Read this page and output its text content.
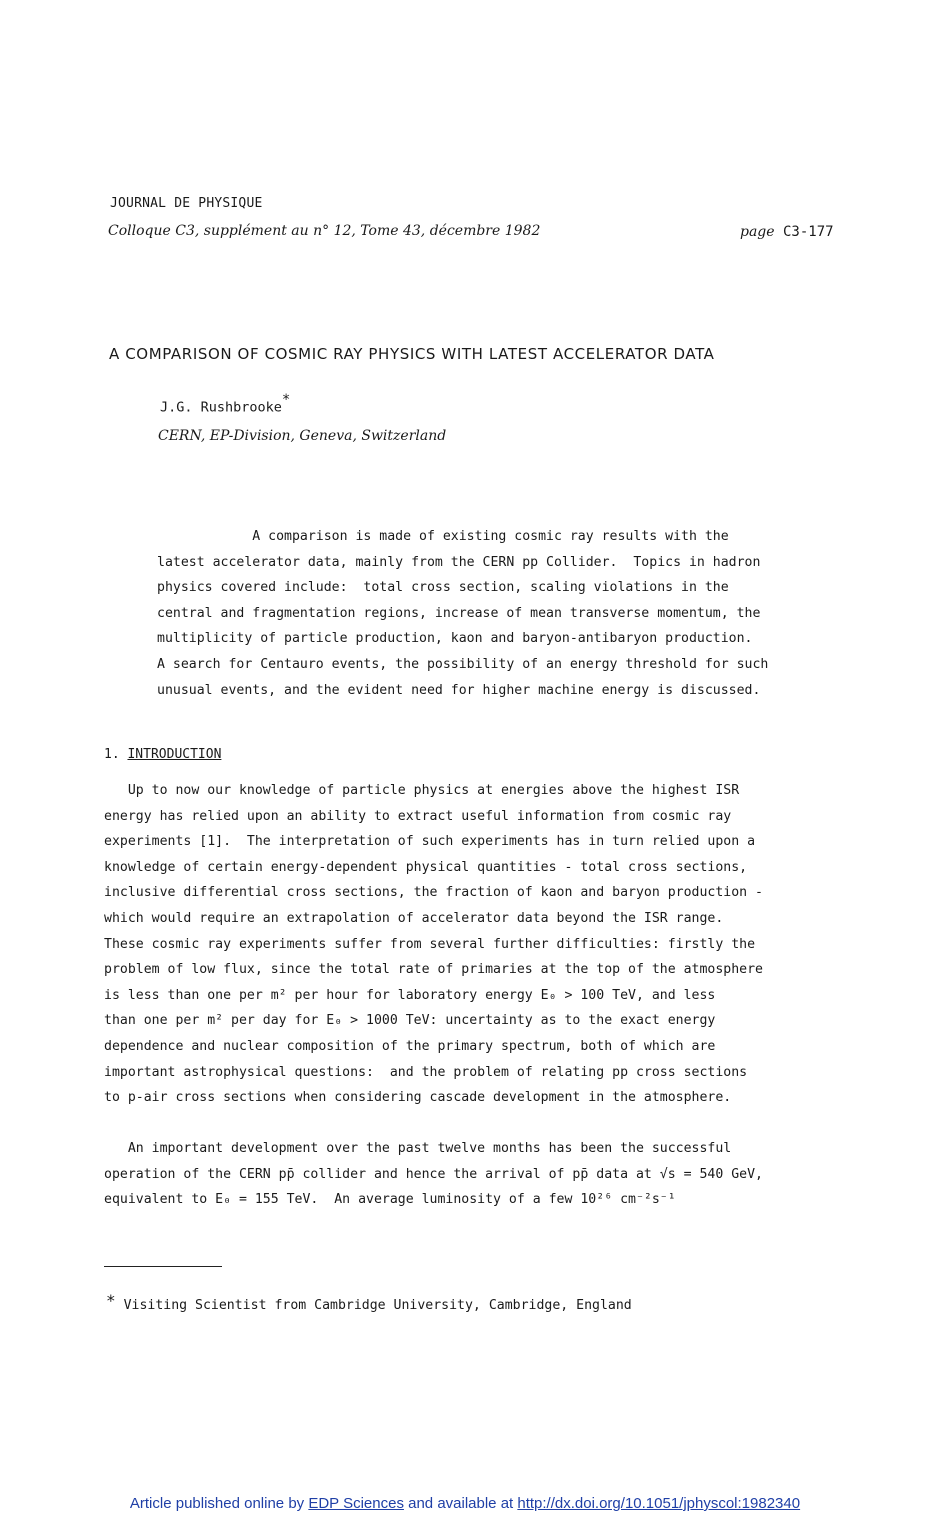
JOURNAL DE PHYSIQUE
Colloque C3, supplément au n° 12, Tome 43, décembre 1982	page C3-177
A COMPARISON OF COSMIC RAY PHYSICS WITH LATEST ACCELERATOR DATA
J.G. Rushbrooke*
CERN, EP-Division, Geneva, Switzerland
A comparison is made of existing cosmic ray results with the
latest accelerator data, mainly from the CERN pp Collider.  Topics in hadron
physics covered include:  total cross section, scaling violations in the
central and fragmentation regions, increase of mean transverse momentum, the
multiplicity of particle production, kaon and baryon-antibaryon production.
A search for Centauro events, the possibility of an energy threshold for such
unusual events, and the evident need for higher machine energy is discussed.
1. INTRODUCTION
Up to now our knowledge of particle physics at energies above the highest ISR
energy has relied upon an ability to extract useful information from cosmic ray
experiments [1].  The interpretation of such experiments has in turn relied upon a
knowledge of certain energy-dependent physical quantities - total cross sections,
inclusive differential cross sections, the fraction of kaon and baryon production -
which would require an extrapolation of accelerator data beyond the ISR range.
These cosmic ray experiments suffer from several further difficulties: firstly the
problem of low flux, since the total rate of primaries at the top of the atmosphere
is less than one per m² per hour for laboratory energy E₀ > 100 TeV, and less
than one per m² per day for E₀ > 1000 TeV: uncertainty as to the exact energy
dependence and nuclear composition of the primary spectrum, both of which are
important astrophysical questions:  and the problem of relating pp cross sections
to p-air cross sections when considering cascade development in the atmosphere.
An important development over the past twelve months has been the successful
operation of the CERN pp̄ collider and hence the arrival of pp̄ data at √s = 540 GeV,
equivalent to E₀ = 155 TeV.  An average luminosity of a few 10²⁶ cm⁻²s⁻¹
* Visiting Scientist from Cambridge University, Cambridge, England
Article published online by EDP Sciences and available at http://dx.doi.org/10.1051/jphyscol:1982340
